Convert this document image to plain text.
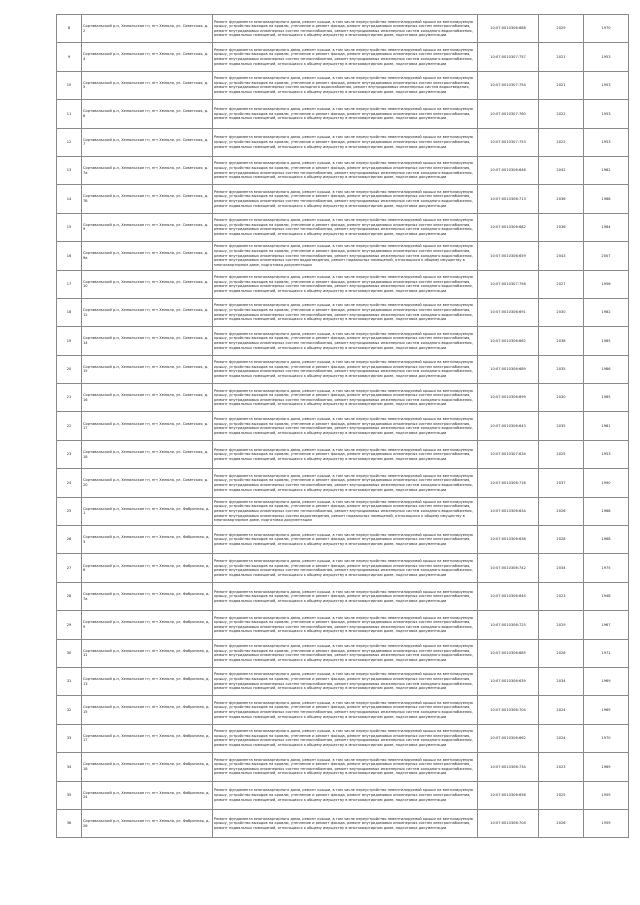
8	Сортавальский р-н, Хелюльское гп, пгт Хелюля, ул. Советская, д. 2	Ремонт фундамента многоквартирного дома, ремонт крыши, в том числе переустройство невентилируемой крыши на вентилируемую крышу, устройство выходов на кровлю, утепление и ремонт фасада, ремонт внутридомовых инженерных систем электроснабжения, ремонт внутридомовых инженерных систем теплоснабжения, ремонт внутридомовых инженерных систем холодного водоснабжения, ремонт подвальных помещений, относящихся к общему имуществу в многоквартирном доме, подготовка документации	10:07:0010306:688	2029	1970
9	Сортавальский р-н, Хелюльское гп, пгт Хелюля, ул. Советская, д. 4	Ремонт фундамента многоквартирного дома, ремонт крыши, в том числе переустройство невентилируемой крыши на вентилируемую крышу, устройство выходов на кровлю, утепление и ремонт фасада, ремонт внутридомовых инженерных систем электроснабжения, ремонт внутридомовых инженерных систем теплоснабжения, ремонт внутридомовых инженерных систем холодного водоснабжения, ремонт подвальных помещений, относящихся к общему имуществу в многоквартирном доме, подготовка документации	10:07:0010307:757	2021	1953
10	Сортавальский р-н, Хелюльское гп, пгт Хелюля, ул. Советская, д. 5	Ремонт фундамента многоквартирного дома, ремонт крыши, в том числе переустройство невентилируемой крыши на вентилируемую крышу, устройство выходов на кровлю, утепление и ремонт фасада, ремонт внутридомовых инженерных систем электроснабжения, ремонт внутридомовых инженерных систем холодного водоснабжения, ремонт внутридомовых инженерных систем водоотведения, ремонт подвальных помещений, относящихся к общему имуществу в многоквартирном доме, подготовка документации	10:07:0010307:754	2021	1953
11	Сортавальский р-н, Хелюльское гп, пгт Хелюля, ул. Советская, д. 6	Ремонт фундамента многоквартирного дома, ремонт крыши, в том числе переустройство невентилируемой крыши на вентилируемую крышу, устройство выходов на кровлю, утепление и ремонт фасада, ремонт внутридомовых инженерных систем электроснабжения, ремонт подвальных помещений, относящихся к общему имуществу в многоквартирном доме, подготовка документации	10:07:0010307:760	2022	1953
12	Сортавальский р-н, Хелюльское гп, пгт Хелюля, ул. Советская, д. 7	Ремонт фундамента многоквартирного дома, ремонт крыши, в том числе переустройство невентилируемой крыши на вентилируемую крышу, устройство выходов на кровлю, утепление и ремонт фасада, ремонт внутридомовых инженерных систем электроснабжения, ремонт подвальных помещений, относящихся к общему имуществу в многоквартирном доме, подготовка документации	10:07:0010307:753	2022	1953
13	Сортавальский р-н, Хелюльское гп, пгт Хелюля, ул. Советская, д. 7а	Ремонт фундамента многоквартирного дома, ремонт крыши, в том числе переустройство невентилируемой крыши на вентилируемую крышу, устройство выходов на кровлю, утепление и ремонт фасада, ремонт внутридомовых инженерных систем электроснабжения, ремонт внутридомовых инженерных систем теплоснабжения, ремонт внутридомовых инженерных систем холодного водоснабжения, ремонт подвальных помещений, относящихся к общему имуществу в многоквартирном доме, подготовка документации	10:07:0010306:646	2042	1982
14	Сортавальский р-н, Хелюльское гп, пгт Хелюля, ул. Советская, д. 7б	Ремонт фундамента многоквартирного дома, ремонт крыши, в том числе переустройство невентилируемой крыши на вентилируемую крышу, устройство выходов на кровлю, утепление и ремонт фасада, ремонт внутридомовых инженерных систем электроснабжения, ремонт внутридомовых инженерных систем теплоснабжения, ремонт внутридомовых инженерных систем холодного водоснабжения, ремонт подвальных помещений, относящихся к общему имуществу в многоквартирном доме, подготовка документации	10:07:0010306:713	2036	1988
15	Сортавальский р-н, Хелюльское гп, пгт Хелюля, ул. Советская, д. 9	Ремонт фундамента многоквартирного дома, ремонт крыши, в том числе переустройство невентилируемой крыши на вентилируемую крышу, устройство выходов на кровлю, утепление и ремонт фасада, ремонт внутридомовых инженерных систем электроснабжения, ремонт внутридомовых инженерных систем теплоснабжения, ремонт внутридомовых инженерных систем холодного водоснабжения, ремонт подвальных помещений, относящихся к общему имуществу в многоквартирном доме, подготовка документации	10:07:0010306:682	2036	1984
16	Сортавальский р-н, Хелюльское гп, пгт Хелюля, ул. Советская, д. 9а	Ремонт фундамента многоквартирного дома, ремонт крыши, в том числе переустройство невентилируемой крыши на вентилируемую крышу, устройство выходов на кровлю, утепление и ремонт фасада, ремонт внутридомовых инженерных систем электроснабжения, ремонт внутридомовых инженерных систем теплоснабжения, ремонт внутридомовых инженерных систем холодного водоснабжения, ремонт внутридомовых инженерных систем водоотведения, ремонт подвальных помещений, относящихся к общему имуществу в многоквартирном доме, подготовка документации	10:07:0010306:659	2043	2007
17	Сортавальский р-н, Хелюльское гп, пгт Хелюля, ул. Советская, д. 10	Ремонт фундамента многоквартирного дома, ремонт крыши, в том числе переустройство невентилируемой крыши на вентилируемую крышу, устройство выходов на кровлю, утепление и ремонт фасада, ремонт внутридомовых инженерных систем электроснабжения, ремонт внутридомовых инженерных систем теплоснабжения, ремонт внутридомовых инженерных систем холодного водоснабжения, ремонт подвальных помещений, относящихся к общему имуществу в многоквартирном доме, подготовка документации	10:07:0010307:756	2027	1956
18	Сортавальский р-н, Хелюльское гп, пгт Хелюля, ул. Советская, д. 12	Ремонт фундамента многоквартирного дома, ремонт крыши, в том числе переустройство невентилируемой крыши на вентилируемую крышу, устройство выходов на кровлю, утепление и ремонт фасада, ремонт внутридомовых инженерных систем электроснабжения, ремонт внутридомовых инженерных систем теплоснабжения, ремонт внутридомовых инженерных систем холодного водоснабжения, ремонт подвальных помещений, относящихся к общему имуществу в многоквартирном доме, подготовка документации	10:07:0010306:691	2030	1982
19	Сортавальский р-н, Хелюльское гп, пгт Хелюля, ул. Советская, д. 14	Ремонт фундамента многоквартирного дома, ремонт крыши, в том числе переустройство невентилируемой крыши на вентилируемую крышу, устройство выходов на кровлю, утепление и ремонт фасада, ремонт внутридомовых инженерных систем электроснабжения, ремонт внутридомовых инженерных систем теплоснабжения, ремонт внутридомовых инженерных систем холодного водоснабжения, ремонт подвальных помещений, относящихся к общему имуществу в многоквартирном доме, подготовка документации	10:07:0010306:662	2038	1985
20	Сортавальский р-н, Хелюльское гп, пгт Хелюля, ул. Советская, д. 15	Ремонт фундамента многоквартирного дома, ремонт крыши, в том числе переустройство невентилируемой крыши на вентилируемую крышу, устройство выходов на кровлю, утепление и ремонт фасада, ремонт внутридомовых инженерных систем электроснабжения, ремонт внутридомовых инженерных систем теплоснабжения, ремонт внутридомовых инженерных систем холодного водоснабжения, ремонт подвальных помещений, относящихся к общему имуществу в многоквартирном доме, подготовка документации	10:07:0010306:689	2035	1986
21	Сортавальский р-н, Хелюльское гп, пгт Хелюля, ул. Советская, д. 16	Ремонт фундамента многоквартирного дома, ремонт крыши, в том числе переустройство невентилируемой крыши на вентилируемую крышу, устройство выходов на кровлю, утепление и ремонт фасада, ремонт внутридомовых инженерных систем электроснабжения, ремонт внутридомовых инженерных систем теплоснабжения, ремонт внутридомовых инженерных систем холодного водоснабжения, ремонт подвальных помещений, относящихся к общему имуществу в многоквартирном доме, подготовка документации	10:07:0010306:699	2030	1985
22	Сортавальский р-н, Хелюльское гп, пгт Хелюля, ул. Советская, д. 17	Ремонт фундамента многоквартирного дома, ремонт крыши, в том числе переустройство невентилируемой крыши на вентилируемую крышу, устройство выходов на кровлю, утепление и ремонт фасада, ремонт внутридомовых инженерных систем электроснабжения, ремонт внутридомовых инженерных систем теплоснабжения, ремонт внутридомовых инженерных систем холодного водоснабжения, ремонт подвальных помещений, относящихся к общему имуществу в многоквартирном доме, подготовка документации	10:07:0010306:643	2035	1981
23	Сортавальский р-н, Хелюльское гп, пгт Хелюля, ул. Советская, д. 18	Ремонт фундамента многоквартирного дома, ремонт крыши, в том числе переустройство невентилируемой крыши на вентилируемую крышу, устройство выходов на кровлю, утепление и ремонт фасада, ремонт внутридомовых инженерных систем электроснабжения, ремонт подвальных помещений, относящихся к общему имуществу в многоквартирном доме, подготовка документации	10:07:0010307:634	2025	1953
24	Сортавальский р-н, Хелюльское гп, пгт Хелюля, ул. Советская, д. 20	Ремонт фундамента многоквартирного дома, ремонт крыши, в том числе переустройство невентилируемой крыши на вентилируемую крышу, устройство выходов на кровлю, утепление и ремонт фасада, ремонт внутридомовых инженерных систем электроснабжения, ремонт внутридомовых инженерных систем теплоснабжения, ремонт внутридомовых инженерных систем холодного водоснабжения, ремонт подвальных помещений, относящихся к общему имуществу в многоквартирном доме, подготовка документации	10:07:0010306:716	2037	1990
25	Сортавальский р-н, Хелюльское гп, пгт Хелюля, ул. Фабричная, д. 1	Ремонт фундамента многоквартирного дома, ремонт крыши, в том числе переустройство невентилируемой крыши на вентилируемую крышу, устройство выходов на кровлю, утепление и ремонт фасада, ремонт внутридомовых инженерных систем электроснабжения, ремонт внутридомовых инженерных систем теплоснабжения, ремонт внутридомовых инженерных систем холодного водоснабжения, ремонт внутридомовых инженерных систем водоотведения, ремонт подвальных помещений, относящихся к общему имуществу в многоквартирном доме, подготовка документации	10:07:0010306:634	2026	1968
26	Сортавальский р-н, Хелюльское гп, пгт Хелюля, ул. Фабричная, д. 3	Ремонт фундамента многоквартирного дома, ремонт крыши, в том числе переустройство невентилируемой крыши на вентилируемую крышу, устройство выходов на кровлю, утепление и ремонт фасада, ремонт внутридомовых инженерных систем электроснабжения, ремонт подвальных помещений, относящихся к общему имуществу в многоквартирном доме, подготовка документации	10:07:0010306:638	2028	1968
27	Сортавальский р-н, Хелюльское гп, пгт Хелюля, ул. Фабричная, д. 6	Ремонт фундамента многоквартирного дома, ремонт крыши, в том числе переустройство невентилируемой крыши на вентилируемую крышу, устройство выходов на кровлю, утепление и ремонт фасада, ремонт внутридомовых инженерных систем электроснабжения, ремонт внутридомовых инженерных систем теплоснабжения, ремонт внутридомовых инженерных систем холодного водоснабжения, ремонт подвальных помещений, относящихся к общему имуществу в многоквартирном доме, подготовка документации	10:07:0010306:742	2034	1975
28	Сортавальский р-н, Хелюльское гп, пгт Хелюля, ул. Фабричная, д. 7а	Ремонт фундамента многоквартирного дома, ремонт крыши, в том числе переустройство невентилируемой крыши на вентилируемую крышу, устройство выходов на кровлю, утепление и ремонт фасада, ремонт внутридомовых инженерных систем электроснабжения, ремонт подвальных помещений, относящихся к общему имуществу в многоквартирном доме, подготовка документации	10:07:0010306:644	2023	1948
29	Сортавальский р-н, Хелюльское гп, пгт Хелюля, ул. Фабричная, д. 9	Ремонт фундамента многоквартирного дома, ремонт крыши, в том числе переустройство невентилируемой крыши на вентилируемую крышу, устройство выходов на кровлю, утепление и ремонт фасада, ремонт внутридомовых инженерных систем электроснабжения, ремонт внутридомовых инженерных систем теплоснабжения, ремонт внутридомовых инженерных систем холодного водоснабжения, ремонт подвальных помещений, относящихся к общему имуществу в многоквартирном доме, подготовка документации	10:07:0010306:725	2029	1967
30	Сортавальский р-н, Хелюльское гп, пгт Хелюля, ул. Фабричная, д. 11	Ремонт фундамента многоквартирного дома, ремонт крыши, в том числе переустройство невентилируемой крыши на вентилируемую крышу, устройство выходов на кровлю, утепление и ремонт фасада, ремонт внутридомовых инженерных систем электроснабжения, ремонт внутридомовых инженерных систем теплоснабжения, ремонт внутридомовых инженерных систем холодного водоснабжения, ремонт подвальных помещений, относящихся к общему имуществу в многоквартирном доме, подготовка документации	10:07:0010306:685	2028	1971
31	Сортавальский р-н, Хелюльское гп, пгт Хелюля, ул. Фабричная, д. 13	Ремонт фундамента многоквартирного дома, ремонт крыши, в том числе переустройство невентилируемой крыши на вентилируемую крышу, устройство выходов на кровлю, утепление и ремонт фасада, ремонт внутридомовых инженерных систем электроснабжения, ремонт внутридомовых инженерных систем теплоснабжения, ремонт внутридомовых инженерных систем холодного водоснабжения, ремонт подвальных помещений, относящихся к общему имуществу в многоквартирном доме, подготовка документации	10:07:0010306:639	2034	1969
32	Сортавальский р-н, Хелюльское гп, пгт Хелюля, ул. Фабричная, д. 15	Ремонт фундамента многоквартирного дома, ремонт крыши, в том числе переустройство невентилируемой крыши на вентилируемую крышу, устройство выходов на кровлю, утепление и ремонт фасада, ремонт внутридомовых инженерных систем электроснабжения, ремонт внутридомовых инженерных систем теплоснабжения, ремонт внутридомовых инженерных систем холодного водоснабжения, ремонт подвальных помещений, относящихся к общему имуществу в многоквартирном доме, подготовка документации	10:07:0010306:704	2024	1969
33	Сортавальский р-н, Хелюльское гп, пгт Хелюля, ул. Фабричная, д. 17	Ремонт фундамента многоквартирного дома, ремонт крыши, в том числе переустройство невентилируемой крыши на вентилируемую крышу, устройство выходов на кровлю, утепление и ремонт фасада, ремонт внутридомовых инженерных систем электроснабжения, ремонт внутридомовых инженерных систем теплоснабжения, ремонт внутридомовых инженерных систем холодного водоснабжения, ремонт подвальных помещений, относящихся к общему имуществу в многоквартирном доме, подготовка документации	10:07:0010306:662	2024	1970
34	Сортавальский р-н, Хелюльское гп, пгт Хелюля, ул. Фабричная, д. 18	Ремонт фундамента многоквартирного дома, ремонт крыши, в том числе переустройство невентилируемой крыши на вентилируемую крышу, устройство выходов на кровлю, утепление и ремонт фасада, ремонт внутридомовых инженерных систем электроснабжения, ремонт внутридомовых инженерных систем теплоснабжения, ремонт внутридомовых инженерных систем холодного водоснабжения, ремонт подвальных помещений, относящихся к общему имуществу в многоквартирном доме, подготовка документации	10:07:0010306:734	2023	1969
35	Сортавальский р-н, Хелюльское гп, пгт Хелюля, ул. Фабричная, д. 24	Ремонт фундамента многоквартирного дома, ремонт крыши, в том числе переустройство невентилируемой крыши на вентилируемую крышу, устройство выходов на кровлю, утепление и ремонт фасада, ремонт внутридомовых инженерных систем электроснабжения, ремонт подвальных помещений, относящихся к общему имуществу в многоквартирном доме, подготовка документации	10:07:0010306:656	2025	1959
36	Сортавальский р-н, Хелюльское гп, пгт Хелюля, ул. Фабричная, д. 26	Ремонт фундамента многоквартирного дома, ремонт крыши, в том числе переустройство невентилируемой крыши на вентилируемую крышу, устройство выходов на кровлю, утепление и ремонт фасада, ремонт внутридомовых инженерных систем электроснабжения, ремонт подвальных помещений, относящихся к общему имуществу в многоквартирном доме, подготовка документации	10:07:0010306:704	2026	1959
